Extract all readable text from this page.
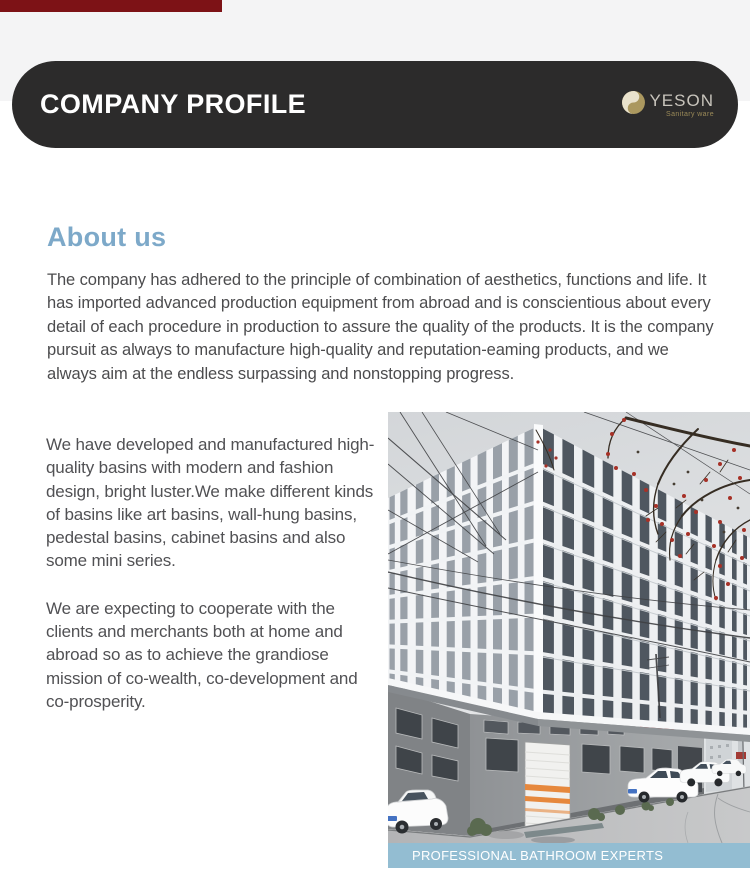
COMPANY PROFILE	YESON
Sanitary ware
About us
The company has adhered to the principle of combination of aesthetics, functions and life. It has imported advanced production equipment from abroad and is conscientious about every detail of each procedure in production to assure the quality of the products. It is the company pursuit as always to manufacture high-quality and reputation-eaming products, and we always aim at the endless surpassing and nonstopping progress.

We have developed and manufactured high-quality basins with modern and fashion design, bright luster.We make different kinds of basins like art basins, wall-hung basins, pedestal basins, cabinet basins and also some mini series.

We are expecting to cooperate with the clients and merchants both at home and abroad so as to achieve the grandiose mission of co-wealth, co-development and co-prosperity.

PROFESSIONAL BATHROOM EXPERTS
